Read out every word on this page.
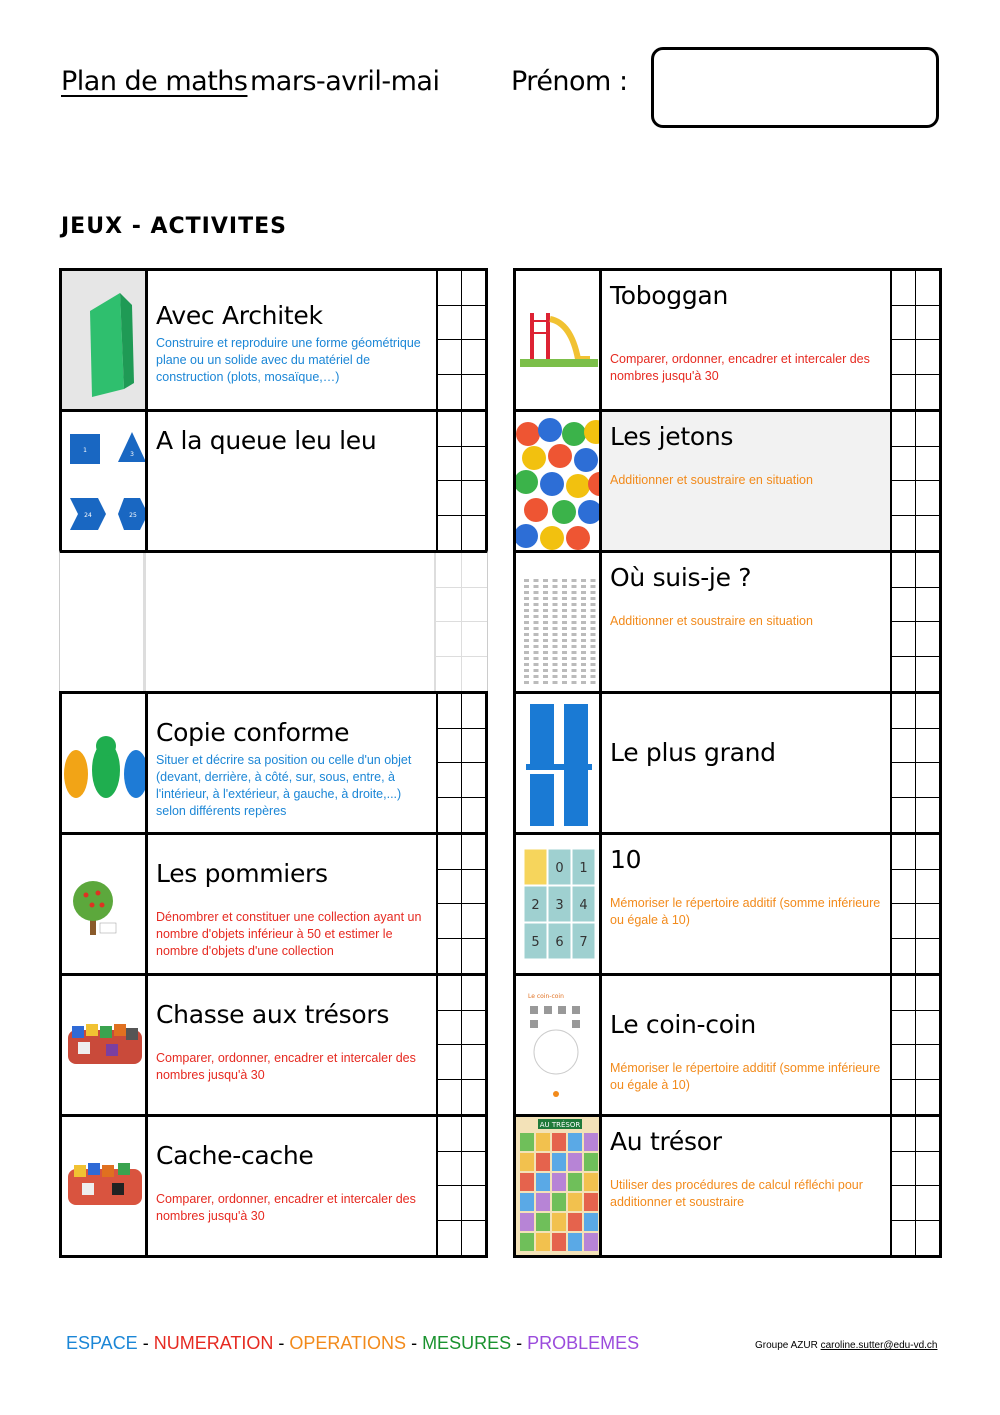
Plan de maths mars-avril-mai	Prénom :
JEUX - ACTIVITES
Avec Architek
Construire et reproduire une forme géométrique plane ou un solide avec du matériel de construction (plots, mosaïque,…)
1
3
24	25
A la queue leu leu
Copie conforme
Situer et décrire sa position ou celle d'un objet (devant, derrière, à côté, sur, sous, entre, à l'intérieur, à l'extérieur, à gauche, à droite,...) selon différents repères
Les pommiers
Dénombrer et constituer une collection ayant un nombre d'objets inférieur à 50 et estimer le nombre d'objets d'une collection
Chasse aux trésors
Comparer, ordonner, encadrer et intercaler des nombres jusqu'à 30
Cache-cache
Comparer, ordonner, encadrer et intercaler des nombres jusqu'à 30
Toboggan
Comparer, ordonner, encadrer et intercaler des nombres jusqu'à 30
Les jetons
Additionner et soustraire en situation
Où suis-je ?
Additionner et soustraire en situation
Le plus grand
0 1
2 3 4
5 6 7
10
Mémoriser le répertoire additif (somme inférieure ou égale à 10)
Le coin-coin
Le coin-coin
Mémoriser le répertoire additif (somme inférieure ou égale à 10)
AU TRÉSOR
Au trésor
Utiliser des procédures de calcul réfléchi pour additionner et soustraire
ESPACE - NUMERATION - OPERATIONS - MESURES - PROBLEMES	Groupe AZUR caroline.sutter@edu-vd.ch
